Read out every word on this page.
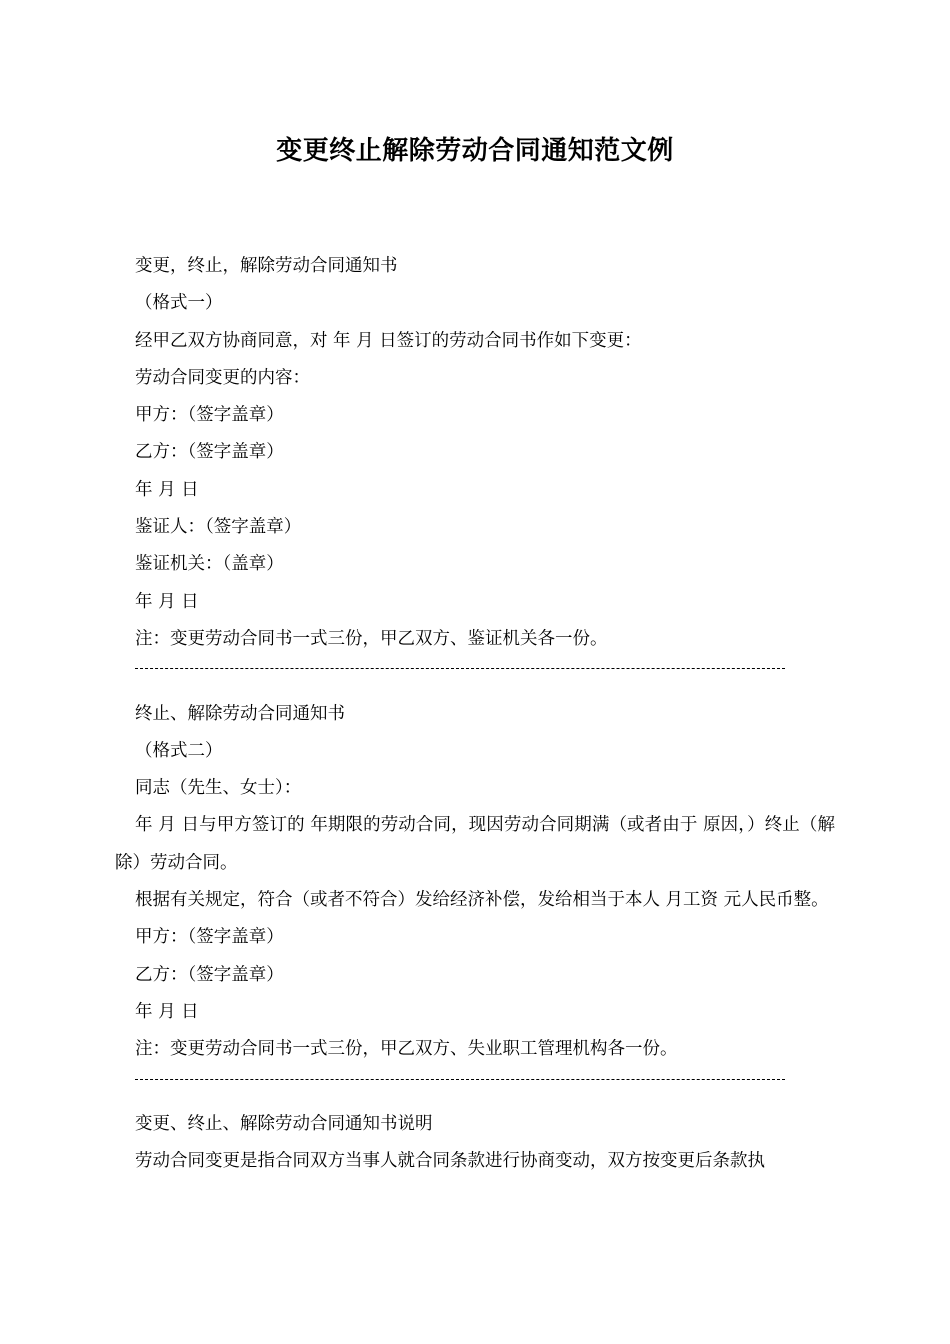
变更终止解除劳动合同通知范文例
变更，终止，解除劳动合同通知书
（格式一）
经甲乙双方协商同意，对 年 月 日签订的劳动合同书作如下变更：
劳动合同变更的内容：
甲方：（签字盖章）
乙方：（签字盖章）
年 月 日
鉴证人：（签字盖章）
鉴证机关：（盖章）
年 月 日
注：变更劳动合同书一式三份，甲乙双方、鉴证机关各一份。
终止、解除劳动合同通知书
（格式二）
同志（先生、女士）：
年 月 日与甲方签订的 年期限的劳动合同，现因劳动合同期满（或者由于 原因，）终止（解除）劳动合同。
根据有关规定，符合（或者不符合）发给经济补偿，发给相当于本人 月工资 元人民币整。
甲方：（签字盖章）
乙方：（签字盖章）
年 月 日
注：变更劳动合同书一式三份，甲乙双方、失业职工管理机构各一份。
变更、终止、解除劳动合同通知书说明
劳动合同变更是指合同双方当事人就合同条款进行协商变动，双方按变更后条款执
